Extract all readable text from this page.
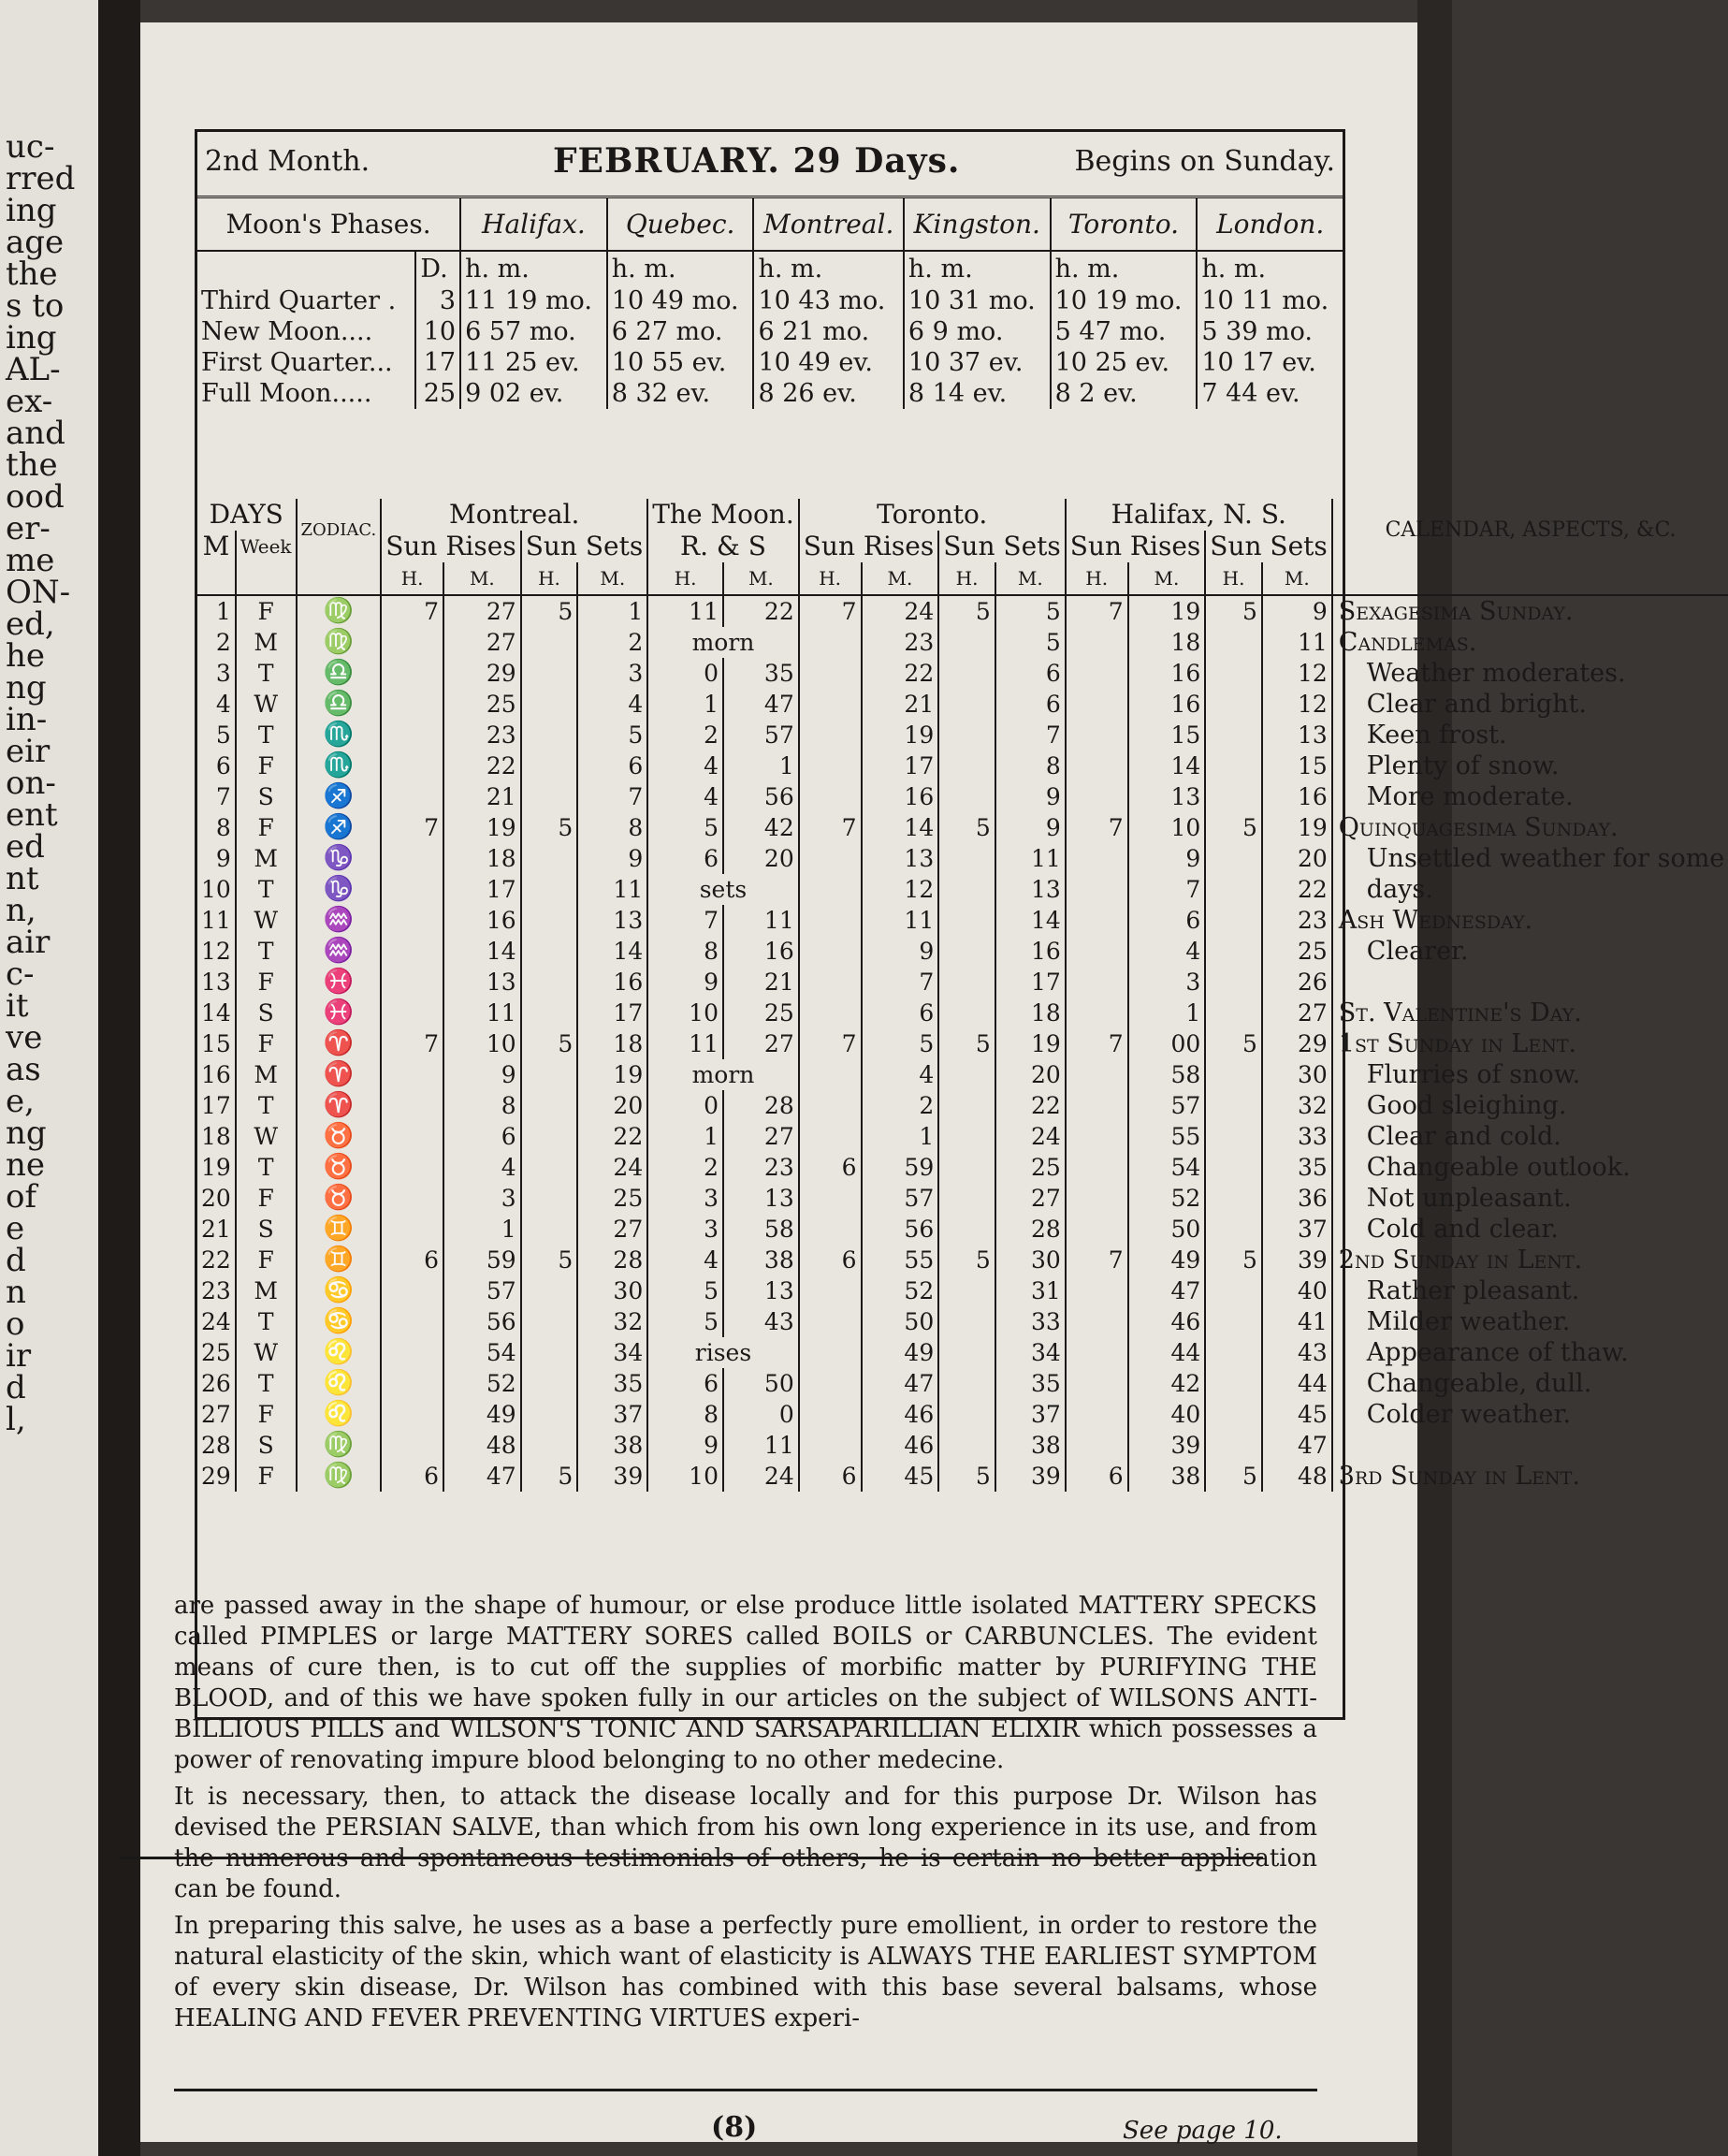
uc-
rred
ing
age
the
s to
ing
AL-
ex-
and
the
ood
er-
me
ON-
ed,
he
ng
in-
eir
on-
ent
ed
nt
n,
air
c-
it
ve
as
e,
ng
ne
of
e
d
n
o
ir
d
l,
2nd Month.	FEBRUARY. 29 Days.	Begins on Sunday.
Moon's Phases.		Halifax.	Quebec.	Montreal.	Kingston.	Toronto.	London.
	D.	h. m.	h. m.	h. m.	h. m.	h. m.	h. m.
Third Quarter .	3	11 19 mo.	10 49 mo.	10 43 mo.	10 31 mo.	10 19 mo.	10 11 mo.
New Moon....	10	6 57 mo.	6 27 mo.	6 21 mo.	6 9 mo.	5 47 mo.	5 39 mo.
First Quarter...	17	11 25 ev.	10 55 ev.	10 49 ev.	10 37 ev.	10 25 ev.	10 17 ev.
Full Moon.....	25	9 02 ev.	8 32 ev.	8 26 ev.	8 14 ev.	8 2 ev.	7 44 ev.
DAYS		ZODIAC.	Montreal.				The Moon.		Toronto.				Halifax, N. S.				CALENDAR, ASPECTS, &C.
M	Week		Sun Rises		Sun Sets		R. & S		Sun Rises		Sun Sets		Sun Rises		Sun Sets		
			H.	M.	H.	M.	H.	M.	H.	M.	H.	M.	H.	M.	H.	M.	
1	F	♍	7	27	5	1	11	22	7	24	5	5	7	19	5	9	Sexagesima Sunday.
2	M	♍		27		2	morn			23		5		18		11	Candlemas.
3	T	♎		29		3	0	35		22		6		16		12	Weather moderates.
4	W	♎		25		4	1	47		21		6		16		12	Clear and bright.
5	T	♏		23		5	2	57		19		7		15		13	Keen frost.
6	F	♏		22		6	4	1		17		8		14		15	Plenty of snow.
7	S	♐		21		7	4	56		16		9		13		16	More moderate.
8	F	♐	7	19	5	8	5	42	7	14	5	9	7	10	5	19	Quinquagesima Sunday.
9	M	♑		18		9	6	20		13		11		9		20	Unsettled weather for some
10	T	♑		17		11	sets			12		13		7		22	days.
11	W	♒		16		13	7	11		11		14		6		23	Ash Wednesday.
12	T	♒		14		14	8	16		9		16		4		25	Clearer.
13	F	♓		13		16	9	21		7		17		3		26	
14	S	♓		11		17	10	25		6		18		1		27	St. Valentine's Day.
15	F	♈	7	10	5	18	11	27	7	5	5	19	7	00	5	29	1st Sunday in Lent.
16	M	♈		9		19	morn			4		20		58		30	Flurries of snow.
17	T	♈		8		20	0	28		2		22		57		32	Good sleighing.
18	W	♉		6		22	1	27		1		24		55		33	Clear and cold.
19	T	♉		4		24	2	23	6	59		25		54		35	Changeable outlook.
20	F	♉		3		25	3	13		57		27		52		36	Not unpleasant.
21	S	♊		1		27	3	58		56		28		50		37	Cold and clear.
22	F	♊	6	59	5	28	4	38	6	55	5	30	7	49	5	39	2nd Sunday in Lent.
23	M	♋		57		30	5	13		52		31		47		40	Rather pleasant.
24	T	♋		56		32	5	43		50		33		46		41	Milder weather.
25	W	♌		54		34	rises			49		34		44		43	Appearance of thaw.
26	T	♌		52		35	6	50		47		35		42		44	Changeable, dull.
27	F	♌		49		37	8	0		46		37		40		45	Colder weather.
28	S	♍		48		38	9	11		46		38		39		47	
29	F	♍	6	47	5	39	10	24	6	45	5	39	6	38	5	48	3rd Sunday in Lent.

are passed away in the shape of humour, or else produce little isolated MATTERY SPECKS called PIMPLES or large MATTERY SORES called BOILS or CARBUNCLES. The evident means of cure then, is to cut off the supplies of morbific matter by PURIFYING THE BLOOD, and of this we have spoken fully in our articles on the subject of WILSONS ANTI-BILLIOUS PILLS and WILSON'S TONIC AND SARSAPARILLIAN ELIXIR which possesses a power of renovating impure blood belonging to no other medecine.

It is necessary, then, to attack the disease locally and for this purpose Dr. Wilson has devised the PERSIAN SALVE, than which from his own long experience in its use, and from the numerous and spontaneous testimonials of others, he is certain no better application can be found.

In preparing this salve, he uses as a base a perfectly pure emollient, in order to restore the natural elasticity of the skin, which want of elasticity is ALWAYS THE EARLIEST SYMPTOM of every skin disease, Dr. Wilson has combined with this base several balsams, whose HEALING AND FEVER PREVENTING VIRTUES experi-

(8)	See page 10.
